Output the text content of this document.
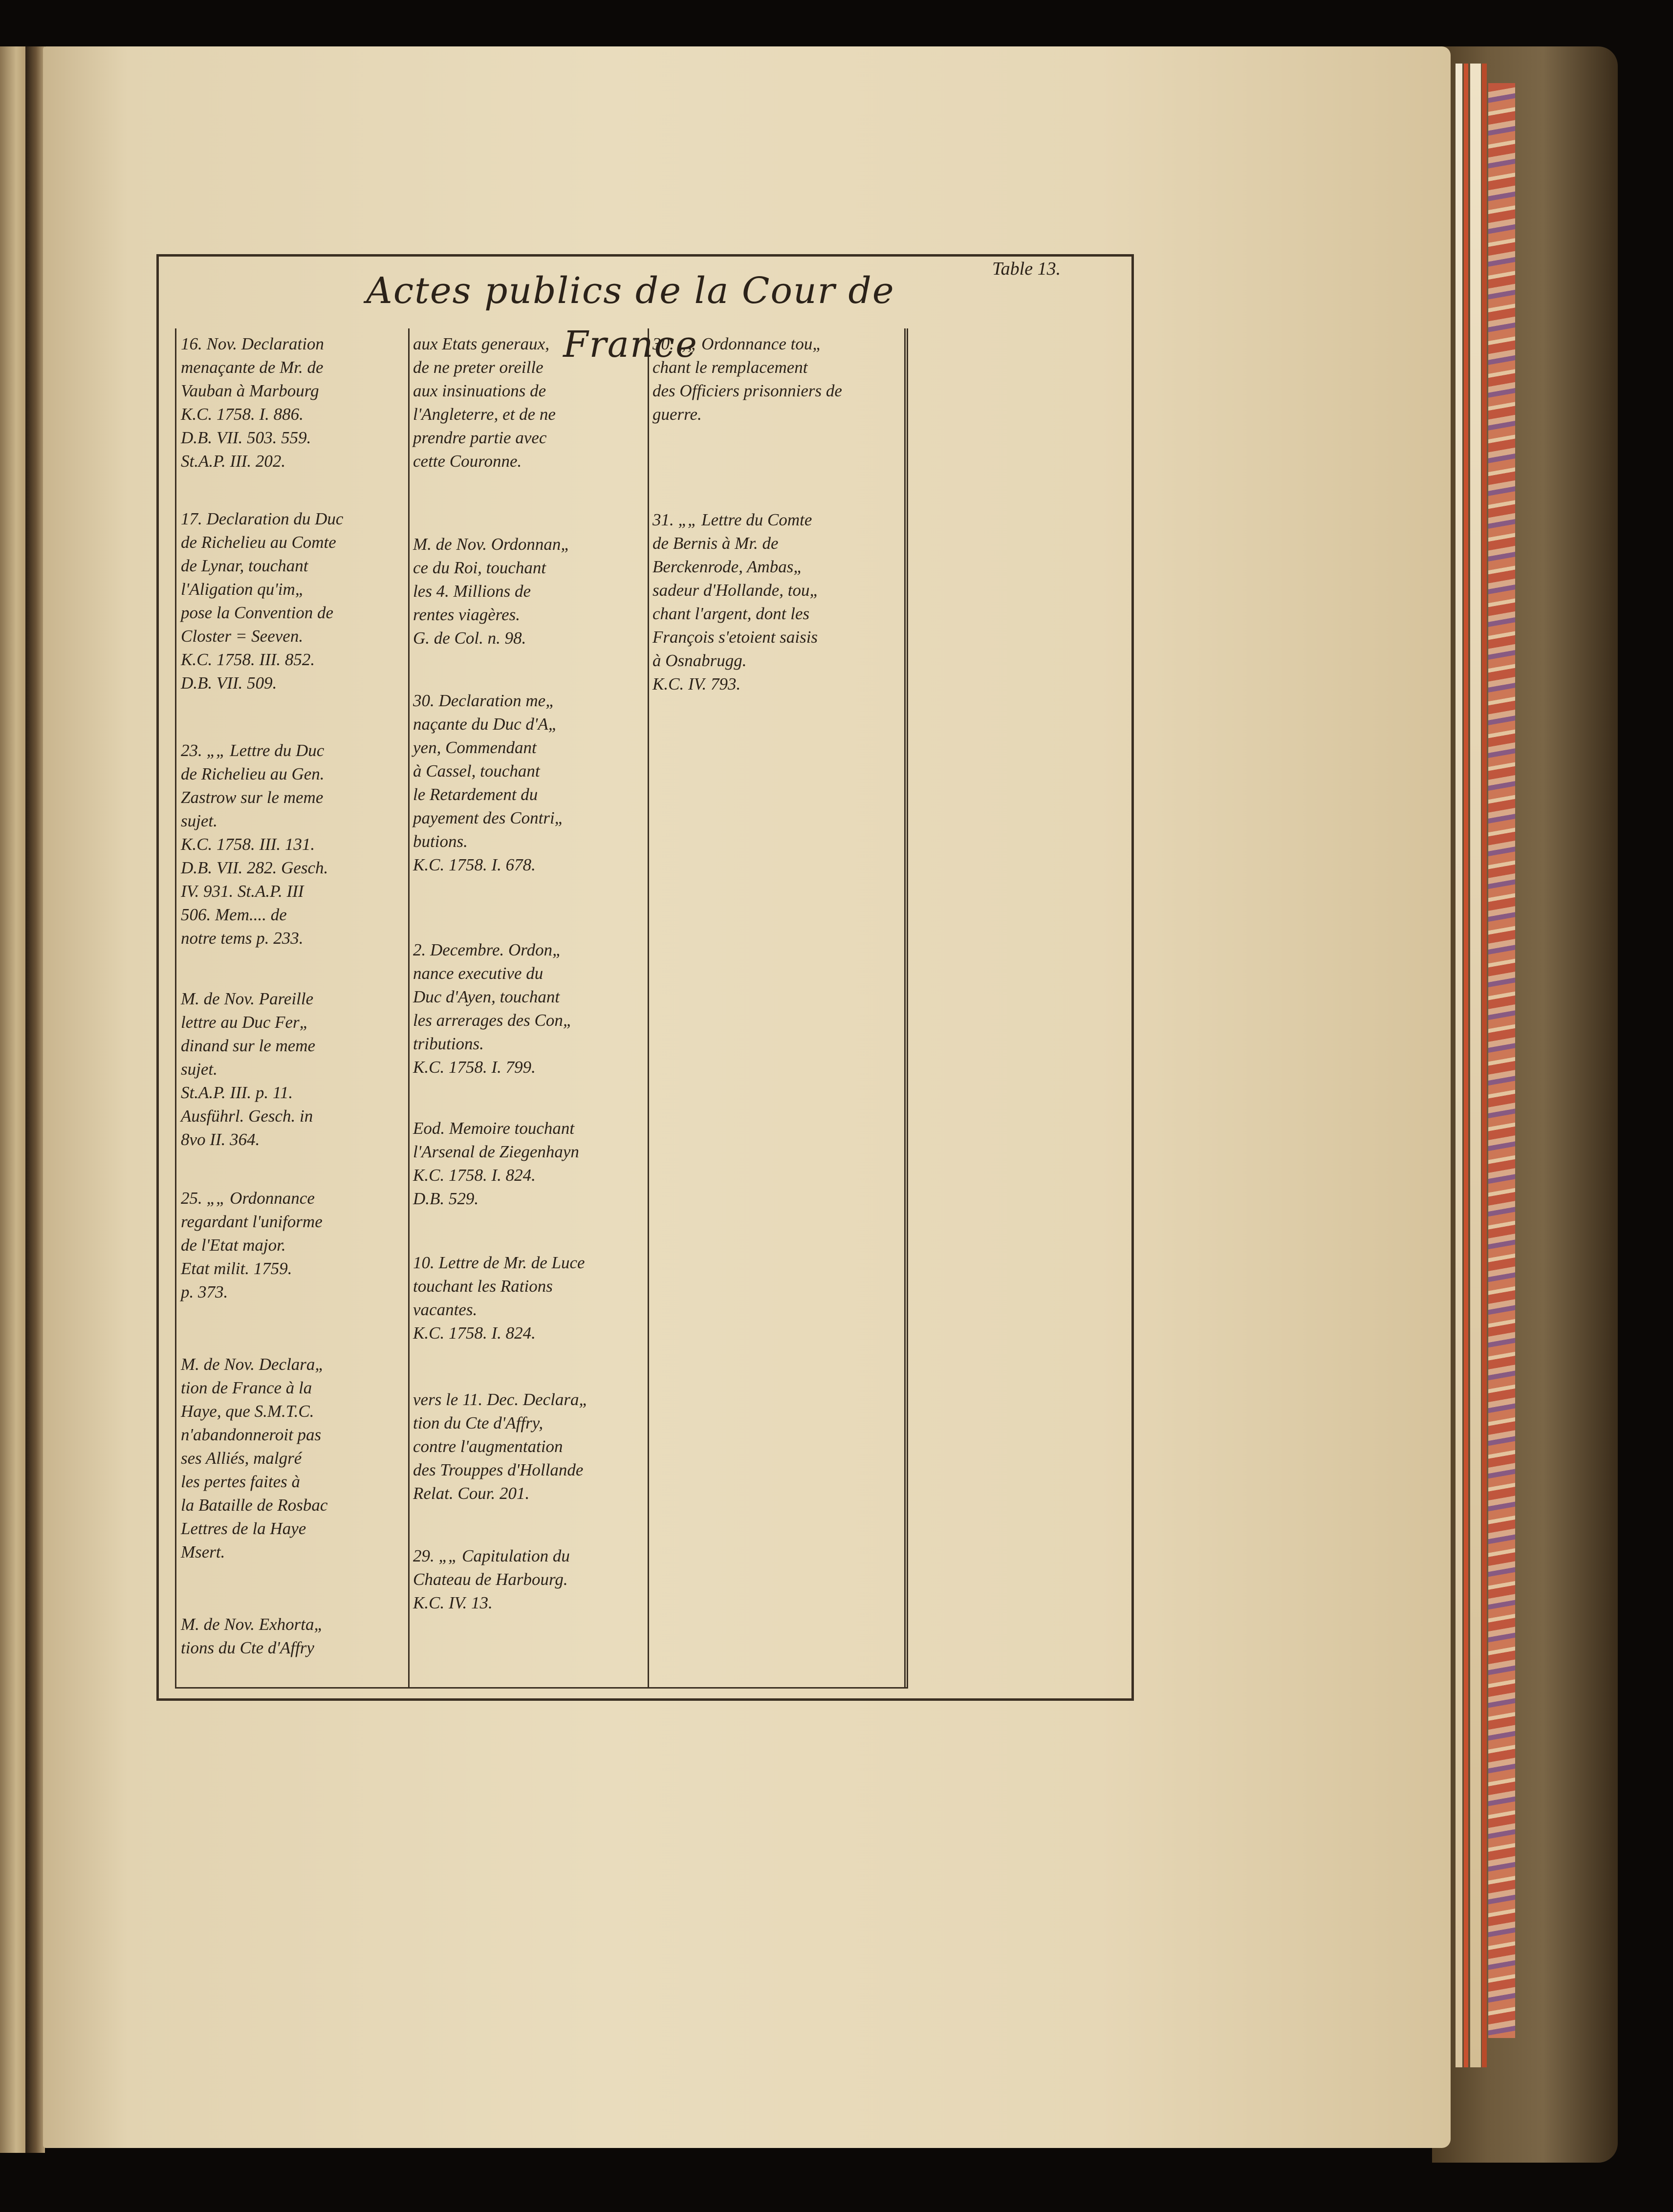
Actes publics de la Cour de France
Table 13.
16. Nov. Declaration
menaçante de Mr. de
Vauban à Marbourg
K.C. 1758. I. 886.
D.B. VII. 503. 559.
St.A.P. III. 202.
17. Declaration du Duc
de Richelieu au Comte
de Lynar, touchant
l'Aligation qu'im„
pose la Convention de
Closter = Seeven.
K.C. 1758. III. 852.
D.B. VII. 509.
23. „„ Lettre du Duc
de Richelieu au Gen.
Zastrow sur le meme
sujet.
K.C. 1758. III. 131.
D.B. VII. 282. Gesch.
IV. 931. St.A.P. III
506. Mem.... de
notre tems p. 233.
M. de Nov. Pareille
lettre au Duc Fer„
dinand sur le meme
sujet.
St.A.P. III. p. 11.
Ausführl. Gesch. in
8vo II. 364.
25. „„ Ordonnance
regardant l'uniforme
de l'Etat major.
Etat milit. 1759.
p. 373.
M. de Nov. Declara„
tion de France à la
Haye, que S.M.T.C.
n'abandonneroit pas
ses Alliés, malgré
les pertes faites à
la Bataille de Rosbac
Lettres de la Haye
Msert.
M. de Nov. Exhorta„
tions du Cte d'Affry
aux Etats generaux,
de ne preter oreille
aux insinuations de
l'Angleterre, et de ne
prendre partie avec
cette Couronne.
M. de Nov. Ordonnan„
ce du Roi, touchant
les 4. Millions de
rentes viagères.
G. de Col. n. 98.
30. Declaration me„
naçante du Duc d'A„
yen, Commendant
à Cassel, touchant
le Retardement du
payement des Contri„
butions.
K.C. 1758. I. 678.
2. Decembre. Ordon„
nance executive du
Duc d'Ayen, touchant
les arrerages des Con„
tributions.
K.C. 1758. I. 799.
Eod. Memoire touchant
l'Arsenal de Ziegenhayn
K.C. 1758. I. 824.
D.B. 529.
10. Lettre de Mr. de Luce
touchant les Rations
vacantes.
K.C. 1758. I. 824.
vers le 11. Dec. Declara„
tion du Cte d'Affry,
contre l'augmentation
des Trouppes d'Hollande
Relat. Cour. 201.
29. „„ Capitulation du
Chateau de Harbourg.
K.C. IV. 13.
30. „„ Ordonnance tou„
chant le remplacement
des Officiers prisonniers de
guerre.
31. „„ Lettre du Comte
de Bernis à Mr. de
Berckenrode, Ambas„
sadeur d'Hollande, tou„
chant l'argent, dont les
François s'etoient saisis
à Osnabrugg.
K.C. IV. 793.
